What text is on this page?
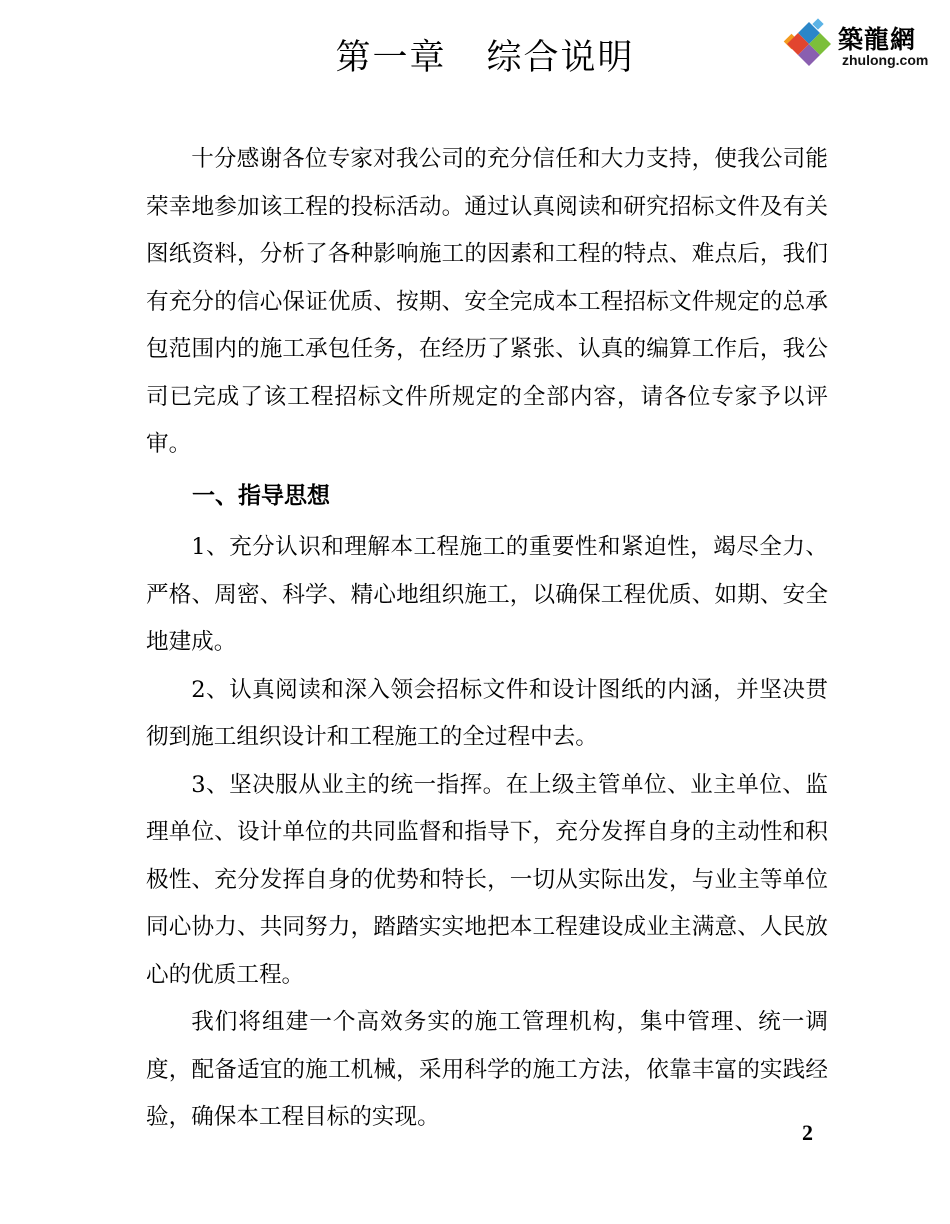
第一章 综合说明	築龍網
zhulong.com

十分感谢各位专家对我公司的充分信任和大力支持，使我公司能荣幸地参加该工程的投标活动。通过认真阅读和研究招标文件及有关图纸资料，分析了各种影响施工的因素和工程的特点、难点后，我们有充分的信心保证优质、按期、安全完成本工程招标文件规定的总承包范围内的施工承包任务，在经历了紧张、认真的编算工作后，我公司已完成了该工程招标文件所规定的全部内容，请各位专家予以评审。

一、指导思想

1、充分认识和理解本工程施工的重要性和紧迫性，竭尽全力、严格、周密、科学、精心地组织施工，以确保工程优质、如期、安全地建成。

2、认真阅读和深入领会招标文件和设计图纸的内涵，并坚决贯彻到施工组织设计和工程施工的全过程中去。

3、坚决服从业主的统一指挥。在上级主管单位、业主单位、监理单位、设计单位的共同监督和指导下，充分发挥自身的主动性和积极性、充分发挥自身的优势和特长，一切从实际出发，与业主等单位同心协力、共同努力，踏踏实实地把本工程建设成业主满意、人民放心的优质工程。

我们将组建一个高效务实的施工管理机构，集中管理、统一调度，配备适宜的施工机械，采用科学的施工方法，依靠丰富的实践经验，确保本工程目标的实现。

2
